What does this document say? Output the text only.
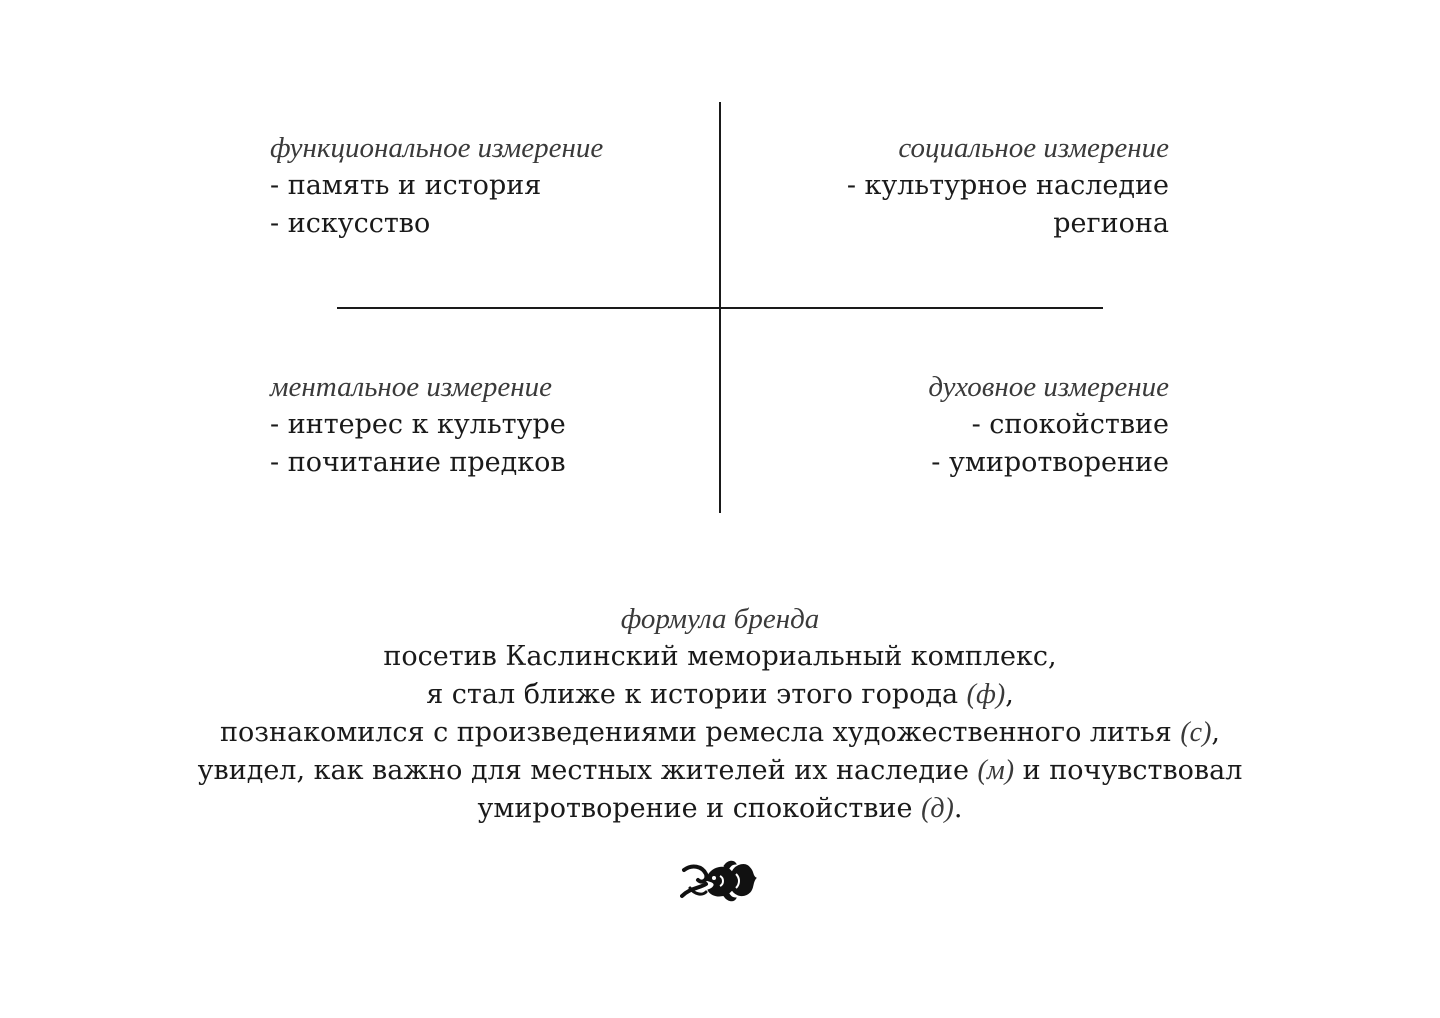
функциональное измерение
- память и история
- искусство
социальное измерение
- культурное наследие
региона
ментальное измерение
- интерес к культуре
- почитание предков
духовное измерение
- спокойствие
- умиротворение
формула бренда
посетив Каслинский мемориальный комплекс,
я стал ближе к истории этого города (ф),
познакомился с произведениями ремесла художественного литья (с),
увидел, как важно для местных жителей их наследие (м) и почувствовал
умиротворение и спокойствие (д).
